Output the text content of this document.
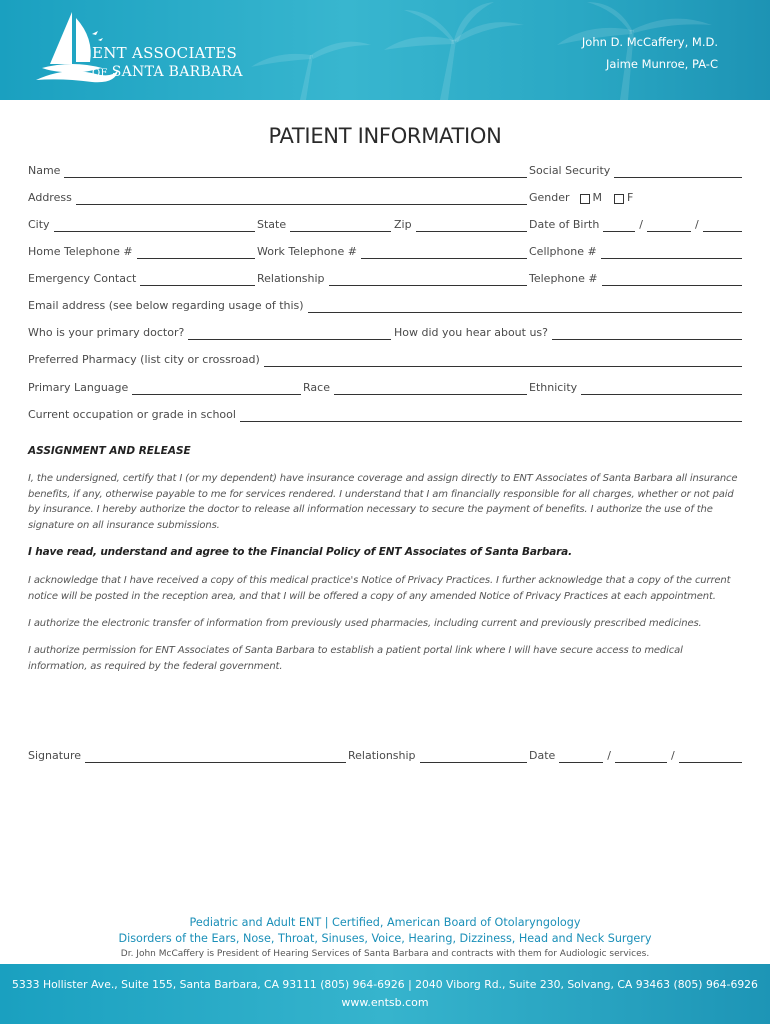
ENT ASSOCIATES
OF SANTA BARBARA
John D. McCaffery, M.D.
Jaime Munroe, PA-C
PATIENT INFORMATION
Name	Social Security
Address	Gender	M F
City	State	Zip	Date of Birth	/	/
Home Telephone #	Work Telephone #	Cellphone #
Emergency Contact	Relationship	Telephone #
Email address (see below regarding usage of this)
Who is your primary doctor?	How did you hear about us?
Preferred Pharmacy (list city or crossroad)
Primary Language	Race	Ethnicity
Current occupation or grade in school
ASSIGNMENT AND RELEASE
I, the undersigned, certify that I (or my dependent) have insurance coverage and assign directly to ENT Associates of Santa Barbara all insurance benefits, if any, otherwise payable to me for services rendered. I understand that I am financially responsible for all charges, whether or not paid by insurance. I hereby authorize the doctor to release all information necessary to secure the payment of benefits. I authorize the use of the signature on all insurance submissions.
I have read, understand and agree to the Financial Policy of ENT Associates of Santa Barbara.
I acknowledge that I have received a copy of this medical practice's Notice of Privacy Practices. I further acknowledge that a copy of the current notice will be posted in the reception area, and that I will be offered a copy of any amended Notice of Privacy Practices at each appointment.
I authorize the electronic transfer of information from previously used pharmacies, including current and previously prescribed medicines.
I authorize permission for ENT Associates of Santa Barbara to establish a patient portal link where I will have secure access to medical information, as required by the federal government.
Signature	Relationship	Date	/	/
Pediatric and Adult ENT | Certified, American Board of Otolaryngology
Disorders of the Ears, Nose, Throat, Sinuses, Voice, Hearing, Dizziness, Head and Neck Surgery
Dr. John McCaffery is President of Hearing Services of Santa Barbara and contracts with them for Audiologic services.
5333 Hollister Ave., Suite 155, Santa Barbara, CA 93111 (805) 964-6926 | 2040 Viborg Rd., Suite 230, Solvang, CA 93463 (805) 964-6926
www.entsb.com
